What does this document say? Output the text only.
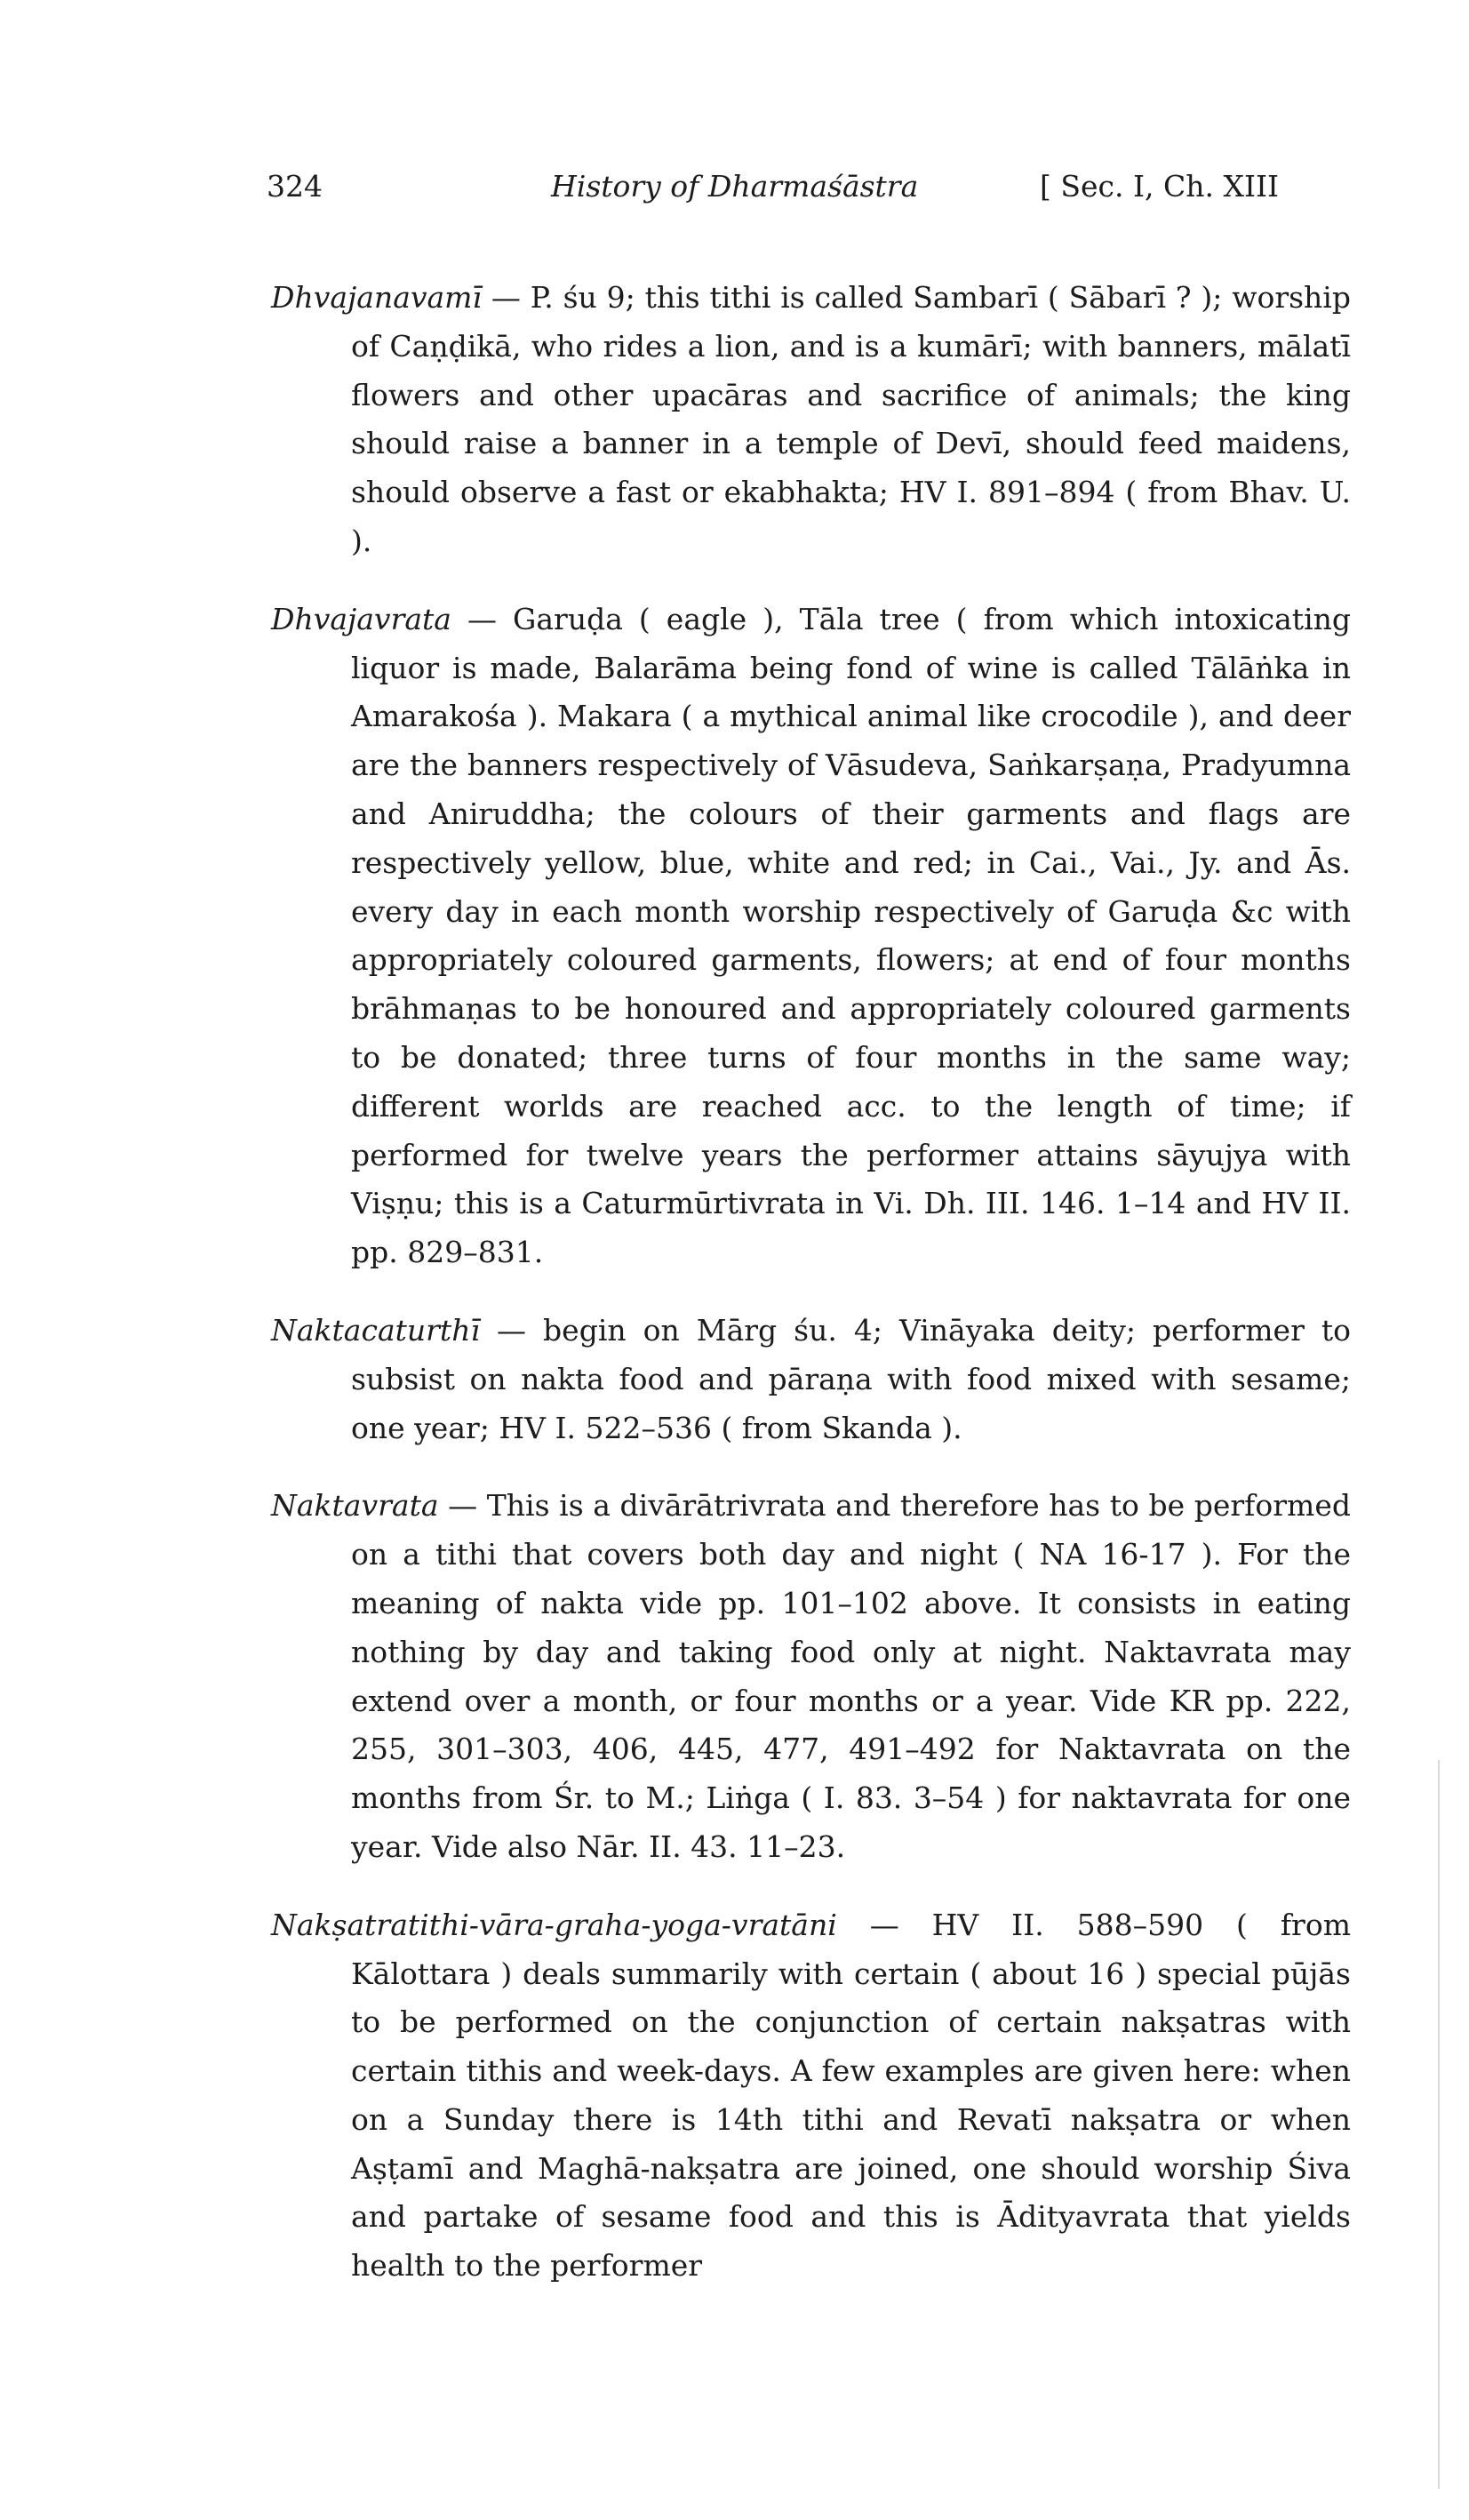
324	History of Dharmaśāstra	[ Sec. I, Ch. XIII

Dhvajanavamī — P. śu 9; this tithi is called Sambarī ( Sābarī ? ); worship of Caṇḍikā, who rides a lion, and is a kumārī; with banners, mālatī flowers and other upacāras and sacrifice of animals; the king should raise a banner in a temple of Devī, should feed maidens, should observe a fast or ekabhakta; HV I. 891–894 ( from Bhav. U. ).

Dhvajavrata — Garuḍa ( eagle ), Tāla tree ( from which intoxicating liquor is made, Balarāma being fond of wine is called Tālāṅka in Amarakośa ). Makara ( a mythical animal like crocodile ), and deer are the banners respectively of Vāsudeva, Saṅkarṣaṇa, Pradyumna and Aniruddha; the colours of their garments and flags are respectively yellow, blue, white and red; in Cai., Vai., Jy. and Ās. every day in each month worship respectively of Garuḍa &c with appropriately coloured garments, flowers; at end of four months brāhmaṇas to be honoured and appropriately coloured garments to be donated; three turns of four months in the same way; different worlds are reached acc. to the length of time; if performed for twelve years the performer attains sāyujya with Viṣṇu; this is a Caturmūrtivrata in Vi. Dh. III. 146. 1–14 and HV II. pp. 829–831.

Naktacaturthī — begin on Mārg śu. 4; Vināyaka deity; performer to subsist on nakta food and pāraṇa with food mixed with sesame; one year; HV I. 522–536 ( from Skanda ).

Naktavrata — This is a divārātrivrata and therefore has to be performed on a tithi that covers both day and night ( NA 16-17 ). For the meaning of nakta vide pp. 101–102 above. It consists in eating nothing by day and taking food only at night. Naktavrata may extend over a month, or four months or a year. Vide KR pp. 222, 255, 301–303, 406, 445, 477, 491–492 for Naktavrata on the months from Śr. to M.; Liṅga ( I. 83. 3–54 ) for naktavrata for one year. Vide also Nār. II. 43. 11–23.

Nakṣatratithi-vāra-graha-yoga-vratāni — HV II. 588–590 ( from Kālottara ) deals summarily with certain ( about 16 ) special pūjās to be performed on the conjunction of certain nakṣatras with certain tithis and week-days. A few examples are given here: when on a Sunday there is 14th tithi and Revatī nakṣatra or when Aṣṭamī and Maghā-nakṣatra are joined, one should worship Śiva and partake of sesame food and this is Ādityavrata that yields health to the performer
